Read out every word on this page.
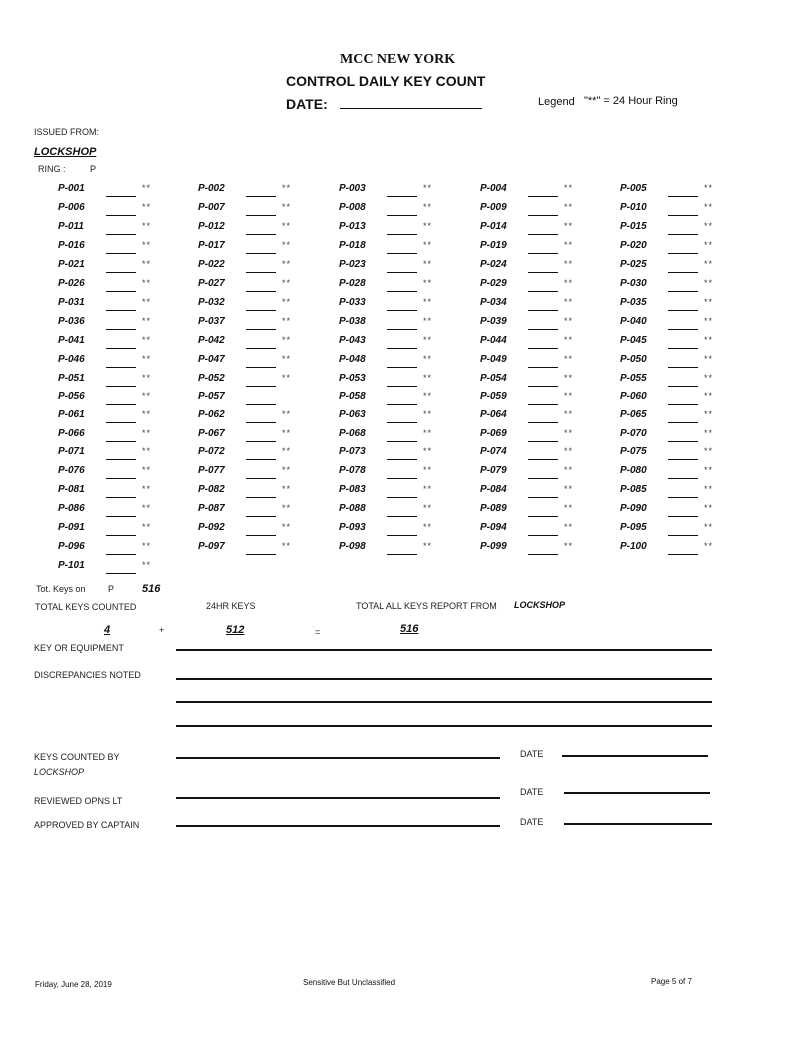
MCC NEW YORK
CONTROL DAILY KEY COUNT
DATE:	Legend "**" = 24 Hour Ring
ISSUED FROM:
LOCKSHOP
RING :	P
P-001	**	P-002	**	P-003	**	P-004	**	P-005	**
P-006	**	P-007	**	P-008	**	P-009	**	P-010	**
P-011	**	P-012	**	P-013	**	P-014	**	P-015	**
P-016	**	P-017	**	P-018	**	P-019	**	P-020	**
P-021	**	P-022	**	P-023	**	P-024	**	P-025	**
P-026	**	P-027	**	P-028	**	P-029	**	P-030	**
P-031	**	P-032	**	P-033	**	P-034	**	P-035	**
P-036	**	P-037	**	P-038	**	P-039	**	P-040	**
P-041	**	P-042	**	P-043	**	P-044	**	P-045	**
P-046	**	P-047	**	P-048	**	P-049	**	P-050	**
P-051	**	P-052	**	P-053	**	P-054	**	P-055	**
P-056	**	P-057	P-058	**	P-059	**	P-060	**
P-061	**	P-062	**	P-063	**	P-064	**	P-065	**
P-066	**	P-067	**	P-068	**	P-069	**	P-070	**
P-071	**	P-072	**	P-073	**	P-074	**	P-075	**
P-076	**	P-077	**	P-078	**	P-079	**	P-080	**
P-081	**	P-082	**	P-083	**	P-084	**	P-085	**
P-086	**	P-087	**	P-088	**	P-089	**	P-090	**
P-091	**	P-092	**	P-093	**	P-094	**	P-095	**
P-096	**	P-097	**	P-098	**	P-099	**	P-100	**
P-101	**
Tot. Keys on P	516
TOTAL KEYS COUNTED	24HR KEYS	TOTAL ALL KEYS REPORT FROM LOCKSHOP
4	+	512	=	516
KEY OR EQUIPMENT
DISCREPANCIES NOTED
KEYS COUNTED BY
LOCKSHOP
DATE
REVIEWED OPNS LT
DATE
APPROVED BY CAPTAIN	DATE
Friday, June 28, 2019	Sensitive But Unclassified	Page 5 of 7
